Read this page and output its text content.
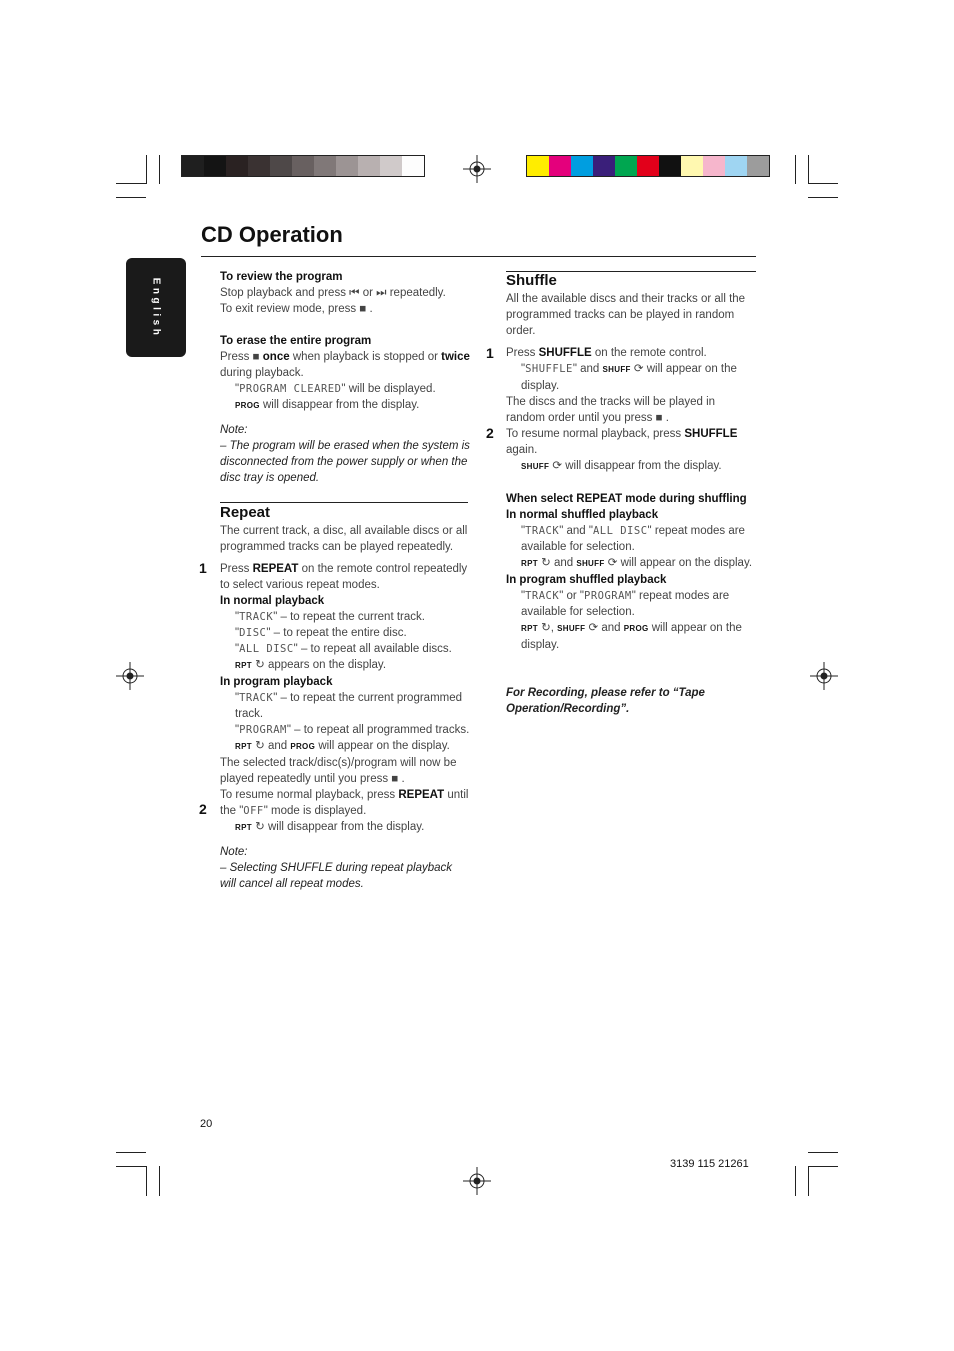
CD Operation
English

To review the program

Stop playback and press ⏮ or ⏭ repeatedly.

To exit review mode, press ■ .

To erase the entire program

Press ■ once when playback is stopped or twice during playback.

"PROGRAM CLEARED" will be displayed.

PROG will disappear from the display.

Note:

– The program will be erased when the system is disconnected from the power supply or when the disc tray is opened.

Repeat

The current track, a disc, all available discs or all programmed tracks can be played repeatedly.

Press REPEAT on the remote control repeatedly to select various repeat modes.

In normal playback

"TRACK" – to repeat the current track.

"DISC" – to repeat the entire disc.

"ALL DISC" – to repeat all available discs.

RPT ↻ appears on the display.

In program playback

"TRACK" – to repeat the current programmed track.

"PROGRAM" – to repeat all programmed tracks.

RPT ↻ and PROG will appear on the display.

The selected track/disc(s)/program will now be played repeatedly until you press ■ .

To resume normal playback, press REPEAT until the "OFF" mode is displayed.

RPT ↻ will disappear from the display.

Note:

– Selecting SHUFFLE during repeat playback will cancel all repeat modes.

1
2

Shuffle

All the available discs and their tracks or all the programmed tracks can be played in random order.

Press SHUFFLE on the remote control.

"SHUFFLE" and SHUFF ⟳ will appear on the display.

The discs and the tracks will be played in random order until you press ■ .

To resume normal playback, press SHUFFLE again.

SHUFF ⟳ will disappear from the display.

When select REPEAT mode during shuffling

In normal shuffled playback

"TRACK" and "ALL DISC" repeat modes are available for selection.

RPT ↻ and SHUFF ⟳ will appear on the display.

In program shuffled playback

"TRACK" or "PROGRAM" repeat modes are available for selection.

RPT ↻, SHUFF ⟳ and PROG will appear on the display.

For Recording, please refer to “Tape Operation/Recording”.

1
2
20
3139 115 21261
